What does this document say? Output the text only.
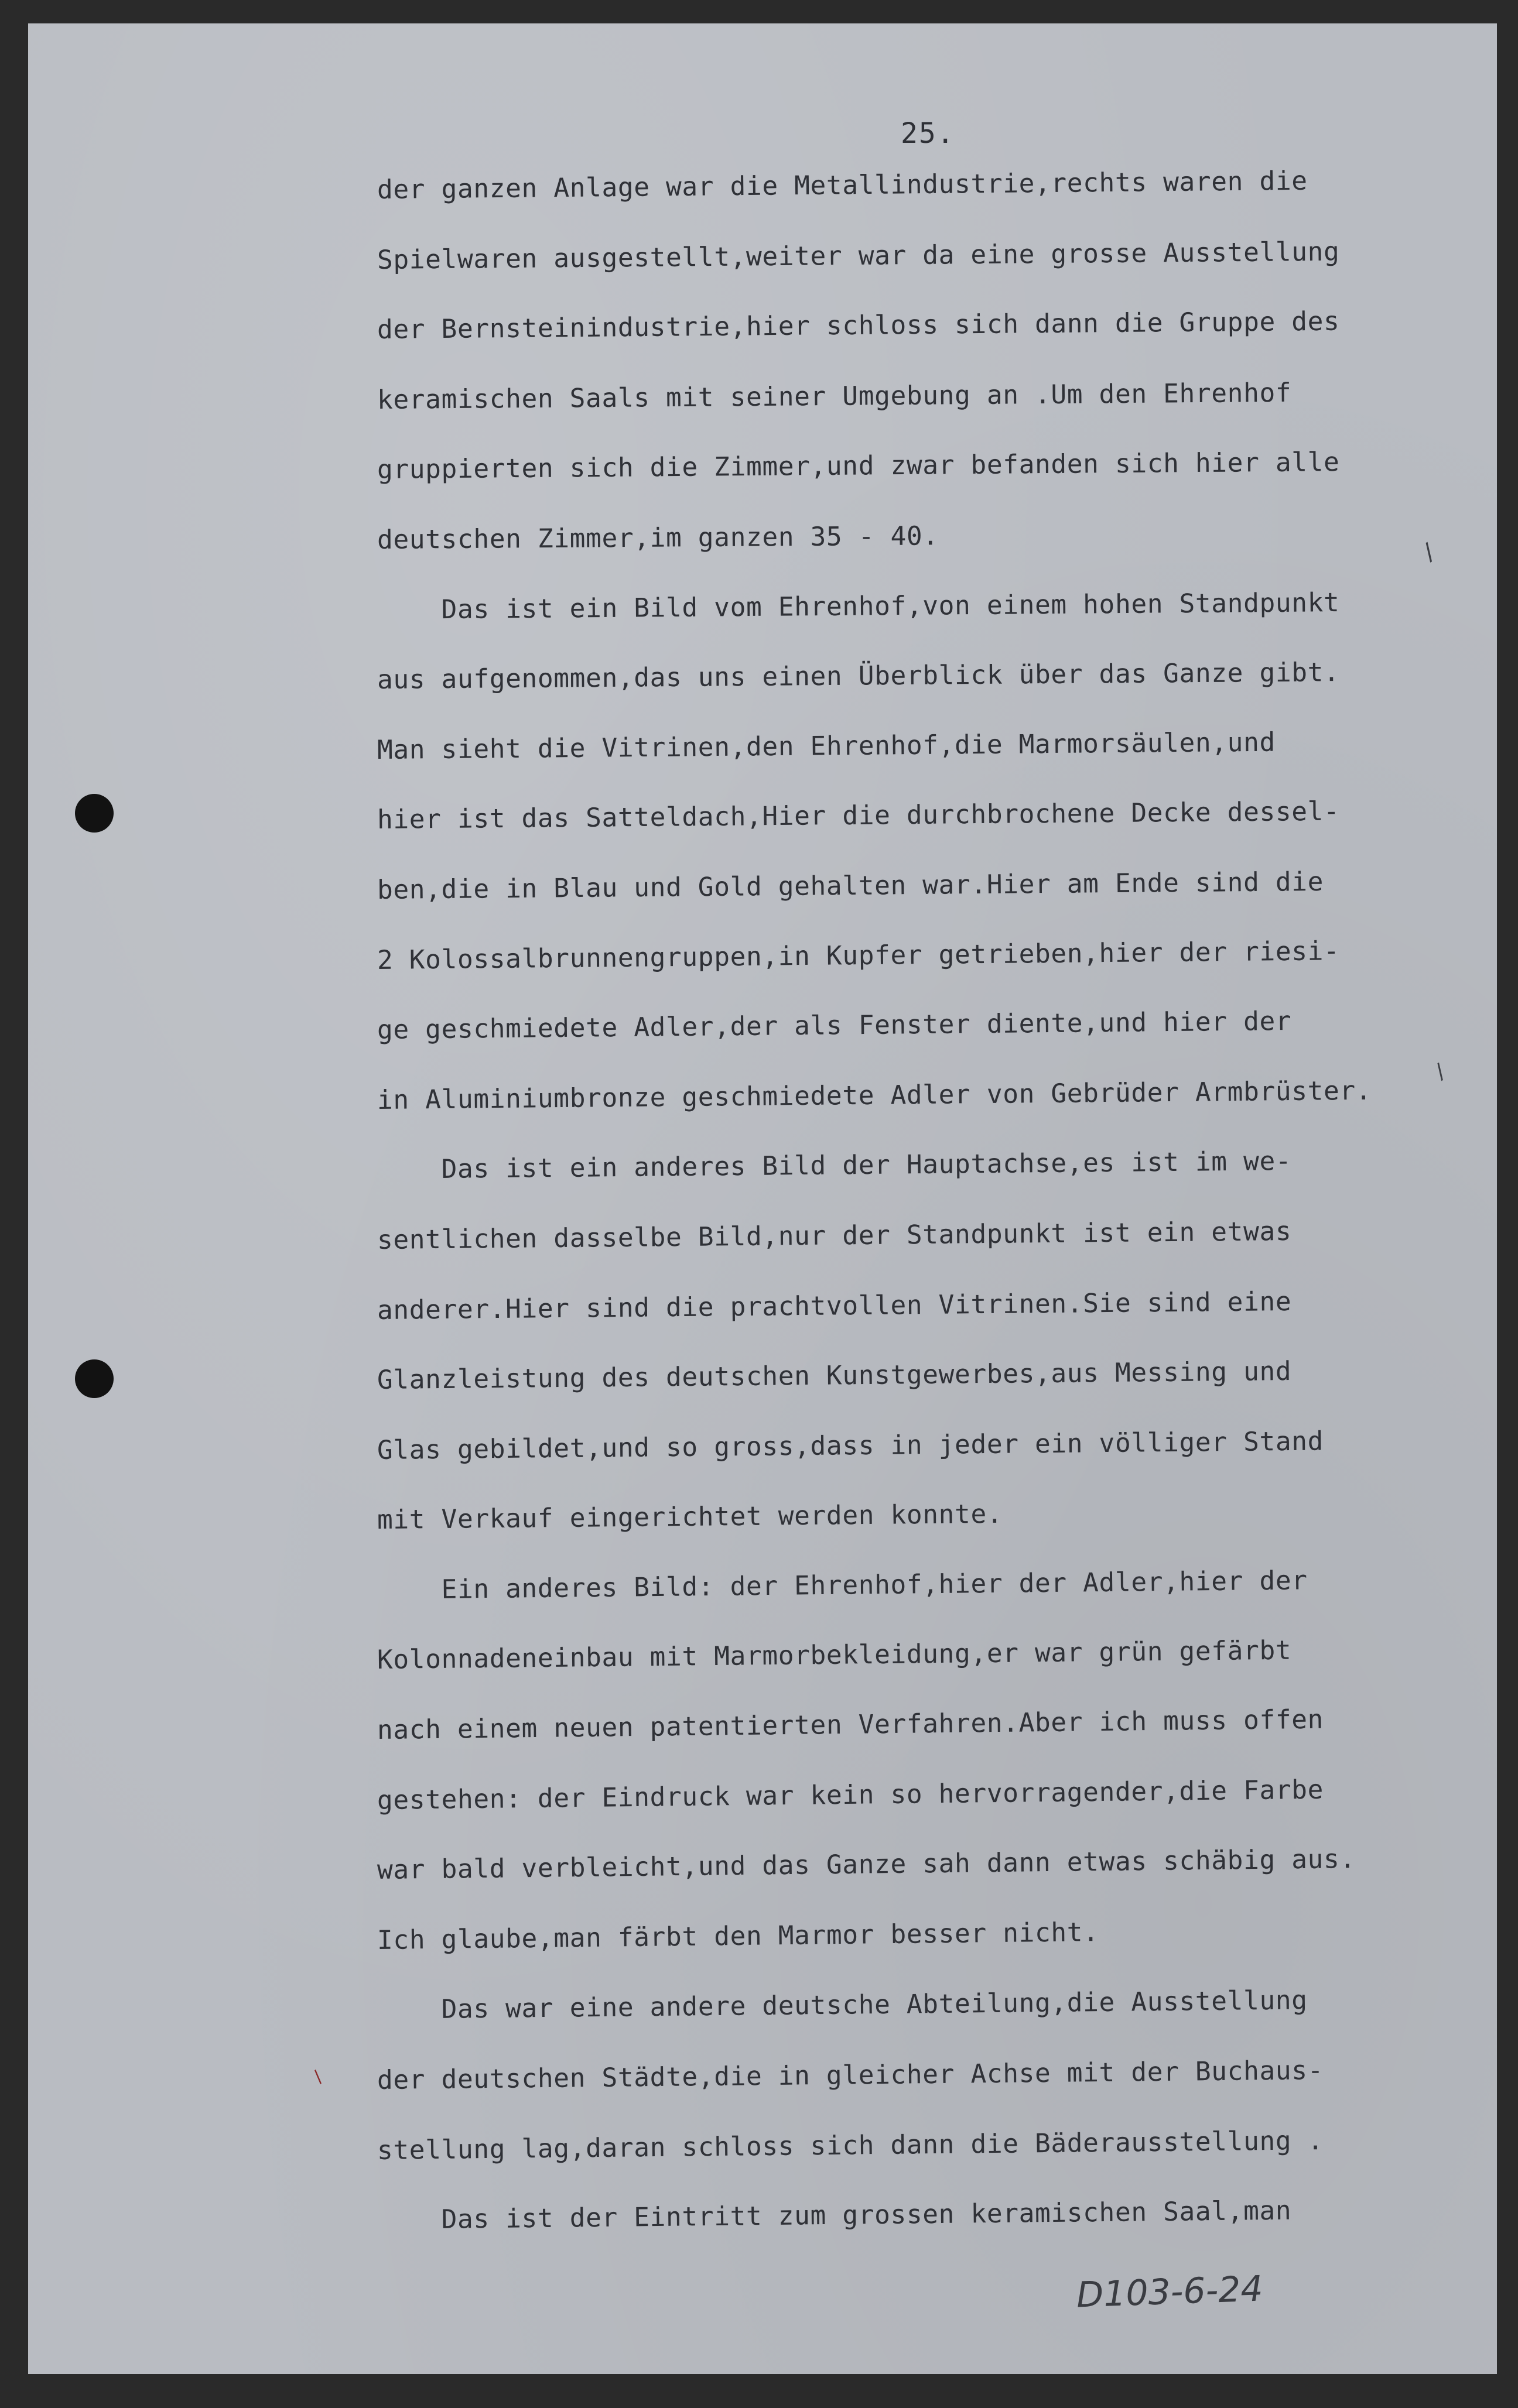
25.
der ganzen Anlage war die Metallindustrie,rechts waren die
Spielwaren ausgestellt,weiter war da eine grosse Ausstellung
der Bernsteinindustrie,hier schloss sich dann die Gruppe des
keramischen Saals mit seiner Umgebung an .Um den Ehrenhof
gruppierten sich die Zimmer,und zwar befanden sich hier alle
deutschen Zimmer,im ganzen 35 - 40.
Das ist ein Bild vom Ehrenhof,von einem hohen Standpunkt
aus aufgenommen,das uns einen Überblick über das Ganze gibt.
Man sieht die Vitrinen,den Ehrenhof,die Marmorsäulen,und
hier ist das Satteldach,Hier die durchbrochene Decke dessel-
ben,die in Blau und Gold gehalten war.Hier am Ende sind die
2 Kolossalbrunnengruppen,in Kupfer getrieben,hier der riesi-
ge geschmiedete Adler,der als Fenster diente,und hier der
in Aluminiumbronze geschmiedete Adler von Gebrüder Armbrüster.
Das ist ein anderes Bild der Hauptachse,es ist im we-
sentlichen dasselbe Bild,nur der Standpunkt ist ein etwas
anderer.Hier sind die prachtvollen Vitrinen.Sie sind eine
Glanzleistung des deutschen Kunstgewerbes,aus Messing und
Glas gebildet,und so gross,dass in jeder ein völliger Stand
mit Verkauf eingerichtet werden konnte.
Ein anderes Bild: der Ehrenhof,hier der Adler,hier der
Kolonnadeneinbau mit Marmorbekleidung,er war grün gefärbt
nach einem neuen patentierten Verfahren.Aber ich muss offen
gestehen: der Eindruck war kein so hervorragender,die Farbe
war bald verbleicht,und das Ganze sah dann etwas schäbig aus.
Ich glaube,man färbt den Marmor besser nicht.
Das war eine andere deutsche Abteilung,die Ausstellung
der deutschen Städte,die in gleicher Achse mit der Buchaus-
stellung lag,daran schloss sich dann die Bäderausstellung .
Das ist der Eintritt zum grossen keramischen Saal,man
/
/
/
D103-6-24
